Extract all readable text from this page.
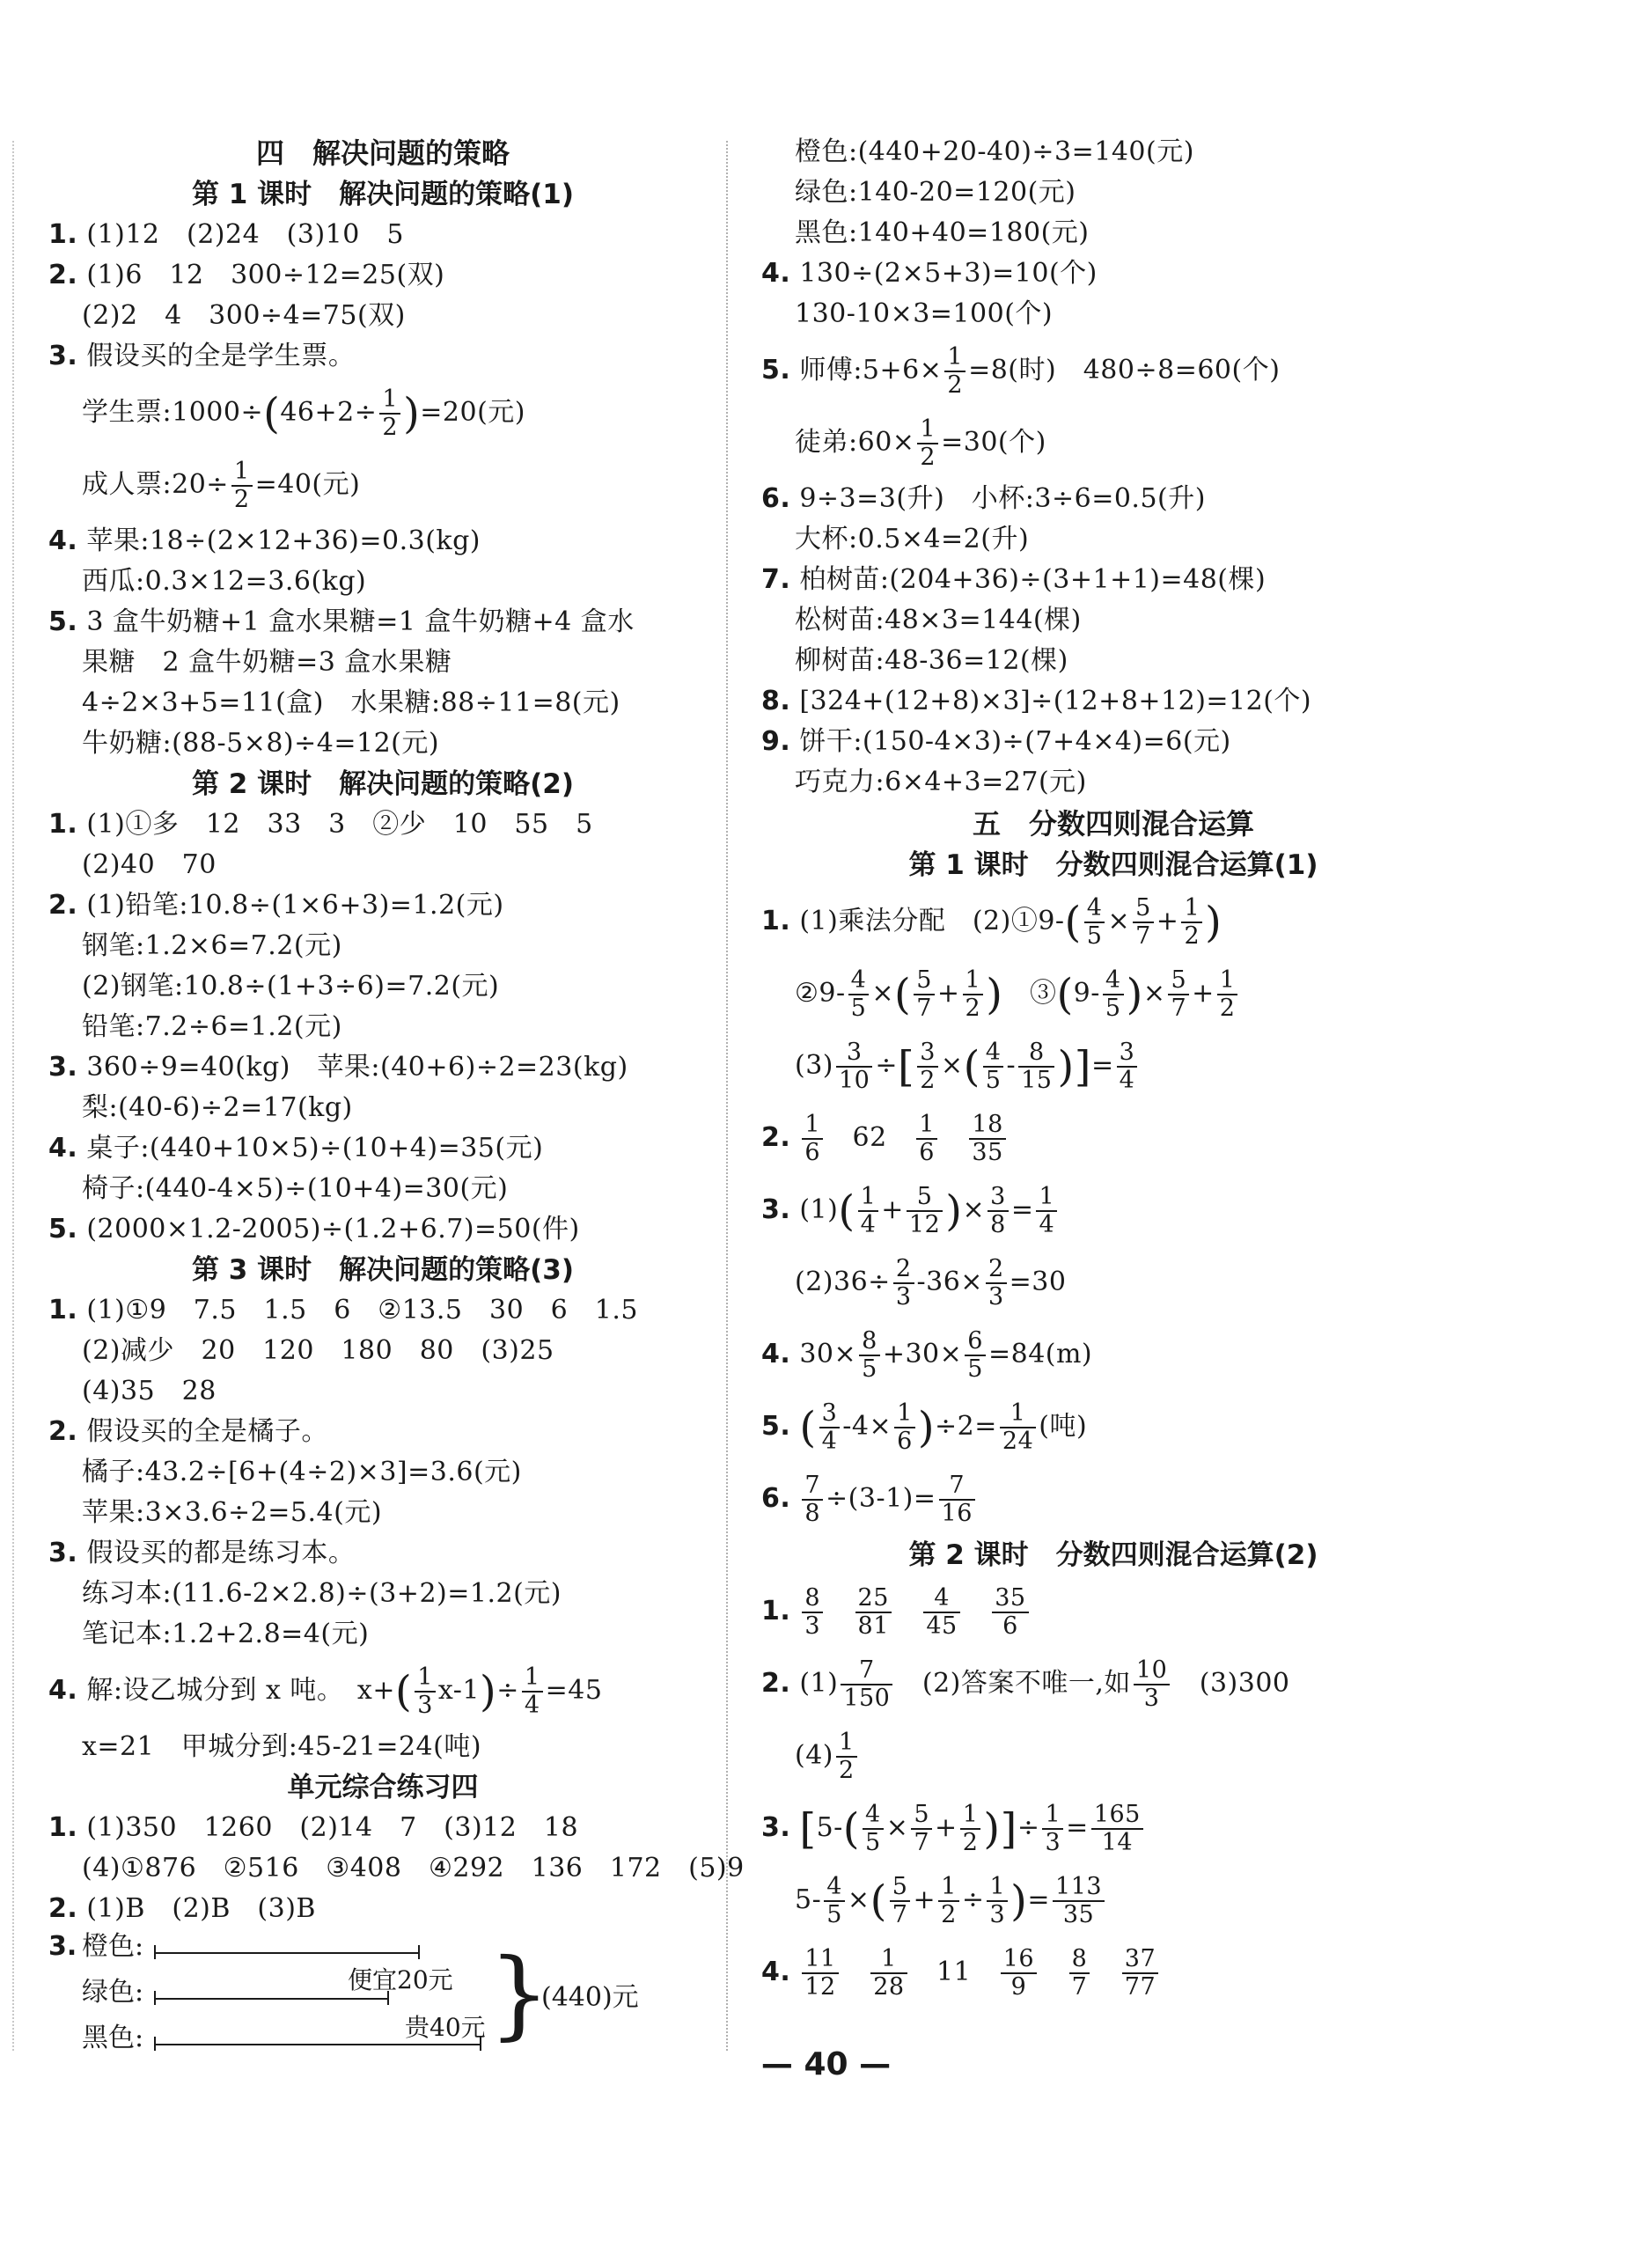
四　解决问题的策略
第 1 课时　解决问题的策略(1)
1. (1)12　(2)24　(3)10　5
2. (1)6　12　300÷12=25(双)
(2)2　4　300÷4=75(双)
3. 假设买的全是学生票。
学生票:1000÷(46+2÷ $\frac{1}{2} )=20$(元)
成人票:20÷ $\frac{1}{2} =40$(元)
4. 苹果:18÷(2×12+36)=0.3(kg)
西瓜:0.3×12=3.6(kg)
5. 3 盒牛奶糖+1 盒水果糖=1 盒牛奶糖+4 盒水
果糖　2 盒牛奶糖=3 盒水果糖
4÷2×3+5=11(盒)　水果糖:88÷11=8(元)
牛奶糖:(88-5×8)÷4=12(元)
第 2 课时　解决问题的策略(2)
1. (1)①多　12　33　3　②少　10　55　5
(2)40　70
2. (1)铅笔:10.8÷(1×6+3)=1.2(元)
钢笔:1.2×6=7.2(元)
(2)钢笔:10.8÷(1+3÷6)=7.2(元)
铅笔:7.2÷6=1.2(元)
3. 360÷9=40(kg)　苹果:(40+6)÷2=23(kg)
梨:(40-6)÷2=17(kg)
4. 桌子:(440+10×5)÷(10+4)=35(元)
椅子:(440-4×5)÷(10+4)=30(元)
5. (2000×1.2-2005)÷(1.2+6.7)=50(件)
第 3 课时　解决问题的策略(3)
1. (1)①9　7.5　1.5　6　②13.5　30　6　1.5
(2)减少　20　120　180　80　(3)25
(4)35　28
2. 假设买的全是橘子。
橘子:43.2÷[6+(4÷2)×3]=3.6(元)
苹果:3×3.6÷2=5.4(元)
3. 假设买的都是练习本。
练习本:(11.6-2×2.8)÷(3+2)=1.2(元)
笔记本:1.2+2.8=4(元)
4. 解:设乙城分到 x 吨。　$x+( \frac{1}{3} x-1)\div \frac{1}{4} =45$
x=21　甲城分到:45-21=24(吨)
单元综合练习四
1. (1)350　1260　(2)14　7　(3)12　18
(4)①876　②516　③408　④292　136　172　(5)9
2. (1)B　(2)B　(3)B
3. 橙色:
绿色:
黑色:
便宜20元
贵40元 }
(440)元
橙色:(440+20-40)÷3=140(元)
绿色:140-20=120(元)
黑色:140+40=180(元)
4. 130÷(2×5+3)=10(个)
130-10×3=100(个)
5. 师傅:5+6× $\frac{1}{2} =8$(时)　480÷8=60(个)
徒弟:60× $\frac{1}{2} =30$(个)
6. 9÷3=3(升)　小杯:3÷6=0.5(升)
大杯:0.5×4=2(升)
7. 柏树苗:(204+36)÷(3+1+1)=48(棵)
松树苗:48×3=144(棵)
柳树苗:48-36=12(棵)
8. [324+(12+8)×3]÷(12+8+12)=12(个)
9. 饼干:(150-4×3)÷(7+4×4)=6(元)
巧克力:6×4+3=27(元)
五　分数四则混合运算
第 1 课时　分数四则混合运算(1)
1. (1)乘法分配　(2)①9-( $\frac{4}{5} \times \frac{5}{7} + \frac{1}{2}$ )
②9- $\frac{4}{5}$ ×( $\frac{5}{7} + \frac{1}{2}$ )　 ③(9- $\frac{4}{5}$ )× $\frac{5}{7} + \frac{1}{2}$
$(3) \frac{3}{10}$ ÷[ $\frac{3}{2}$ ×( $\frac{4}{5} - \frac{8}{15}$ )]= $\frac{3}{4}$
2. $\frac{1}{6}$
　 62　 $\frac{1}{6}$
　 $\frac{18}{35}$
3. $(1)( \frac{1}{4} + \frac{5}{12}$ )× $\frac{3}{8} = \frac{1}{4}$
$(2)36\div \frac{2}{3} -36\times \frac{2}{3} =30$
4. $30\times \frac{8}{5} +30\times \frac{6}{5} =84(m)$
5. ( $\frac{3}{4} -4\times \frac{1}{6} )\div 2= \frac{1}{24}$ (吨)
6. $\frac{7}{8} \div(3-1)= \frac{7}{16}$
第 2 课时　分数四则混合运算(2)
1. $\frac{8}{3}$
　 $\frac{25}{81}$
　 $\frac{4}{45}$
　 $\frac{35}{6}$
2. $(1) \frac{7}{150}$
　 (2)答案不唯一,如 $\frac{10}{3}$
　 (3)300
$(4) \frac{1}{2}$
3. [$5-( \frac{4}{5} \times \frac{5}{7} + \frac{1}{2}$ )]÷ $\frac{1}{3} = \frac{165}{14}$
$5- \frac{4}{5}$ ×( $\frac{5}{7} + \frac{1}{2} \div \frac{1}{3}$ )= $\frac{113}{35}$
4. $\frac{11}{12}$
　 $\frac{1}{28}$
　 11　 $\frac{16}{9}$
　 $\frac{8}{7}$
　 $\frac{37}{77}$
— 40 —
